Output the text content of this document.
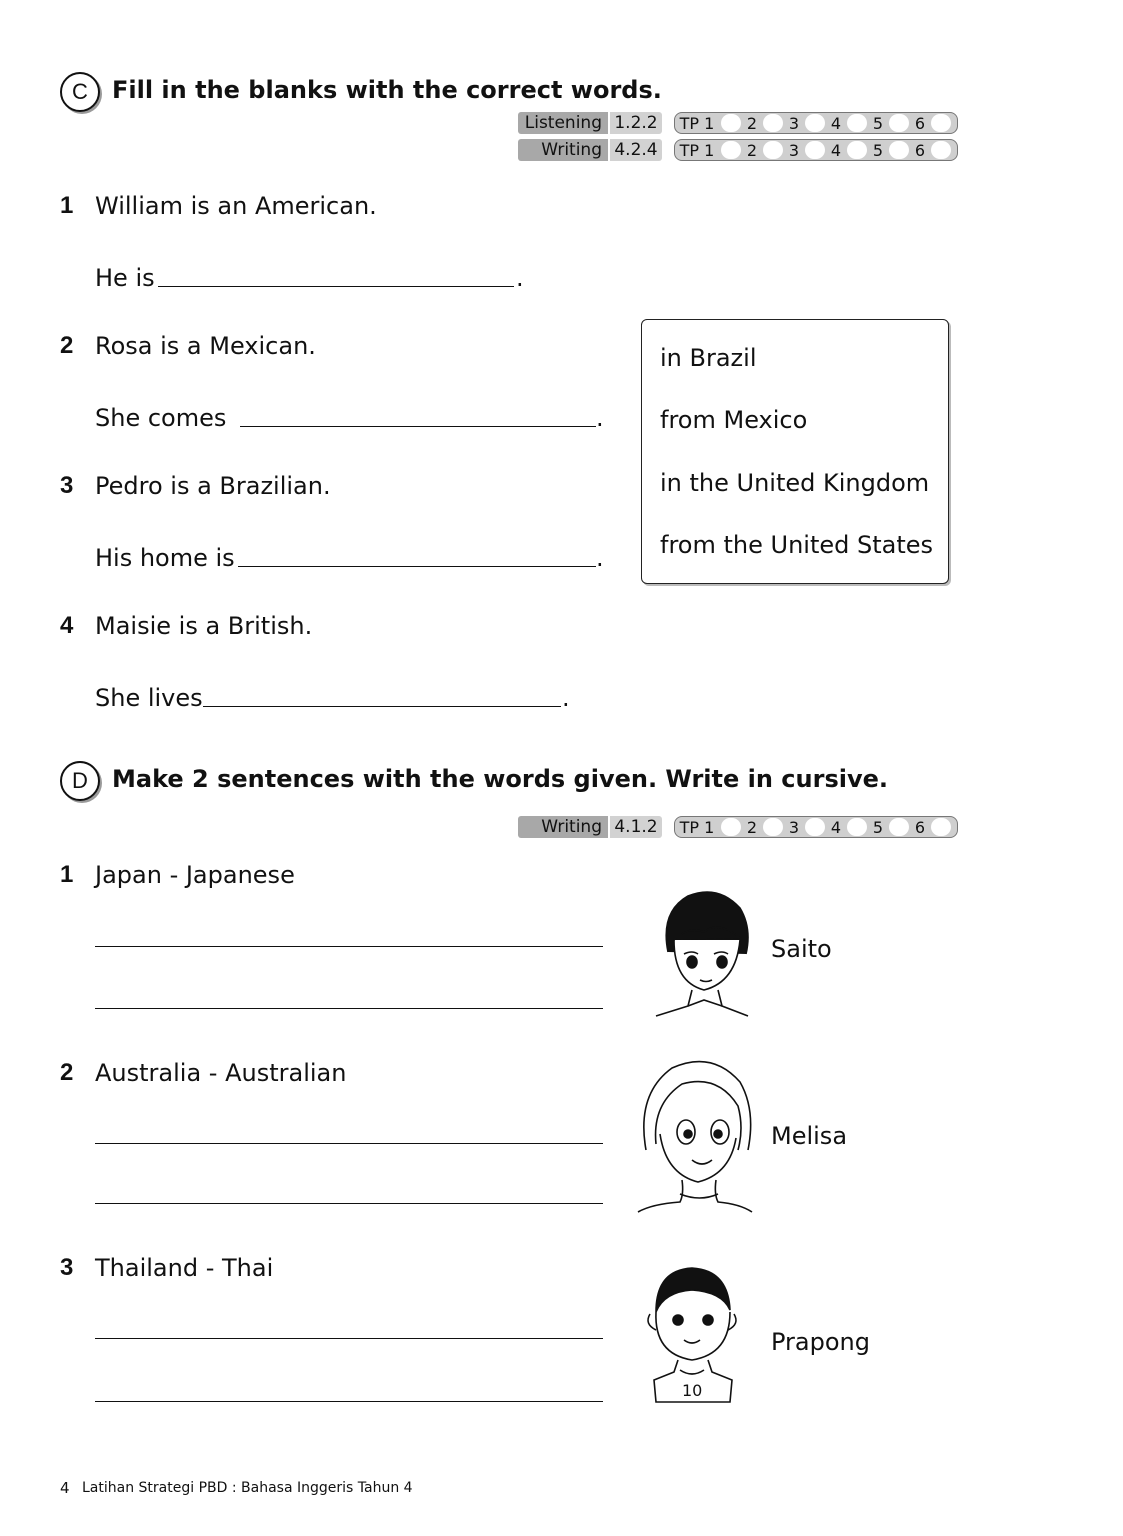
C Fill in the blanks with the correct words.
Listening 1.2.2 TP 1 2 3 4 5 6
Writing 4.2.4 TP 1 2 3 4 5 6
1 William is an American.
He is	.
2 Rosa is a Mexican.
She comes	.
3 Pedro is a Brazilian.
His home is	.
4 Maisie is a British.
She lives	.
in Brazil
from Mexico
in the United Kingdom
from the United States
D Make 2 sentences with the words given. Write in cursive.
Writing 4.1.2 TP 1 2 3 4 5 6
1 Japan - Japanese
Saito
2 Australia - Australian
Melisa
3 Thailand - Thai
10
Prapong
4 Latihan Strategi PBD : Bahasa Inggeris Tahun 4
